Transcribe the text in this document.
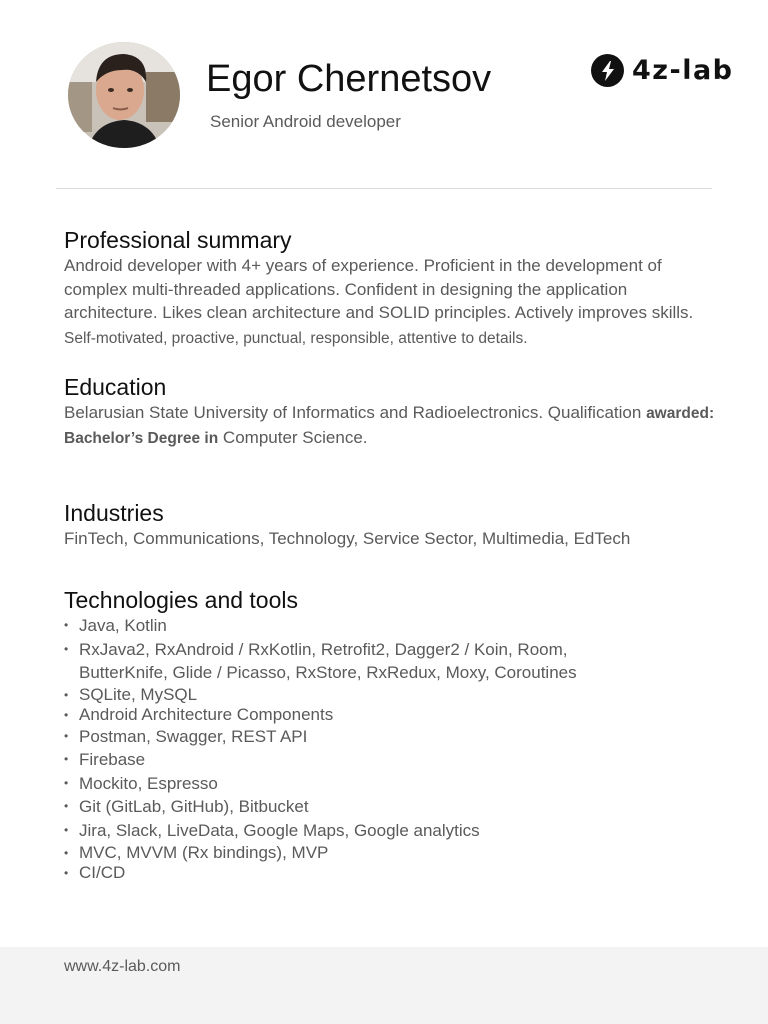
Egor Chernetsov
Senior Android developer
4z-lab
Professional summary

Android developer with 4+ years of experience. Proficient in the development of complex multi-threaded applications. Confident in designing the application architecture. Likes clean architecture and SOLID principles. Actively improves skills. Self-motivated, proactive, punctual, responsible, attentive to details.

Education

Belarusian State University of Informatics and Radioelectronics. Qualification awarded: Bachelor’s Degree in Computer Science.

Industries

FinTech, Communications, Technology, Service Sector, Multimedia, EdTech

Technologies and tools
• Java, Kotlin
• RxJava2, RxAndroid / RxKotlin, Retrofit2, Dagger2 / Koin, Room, ButterKnife, Glide / Picasso, RxStore, RxRedux, Moxy, Coroutines
• SQLite, MySQL
• Android Architecture Components
• Postman, Swagger, REST API
• Firebase
• Mockito, Espresso
• Git (GitLab, GitHub), Bitbucket
• Jira, Slack, LiveData, Google Maps, Google analytics
• MVC, MVVM (Rx bindings), MVP
• CI/CD
www.4z-lab.com
